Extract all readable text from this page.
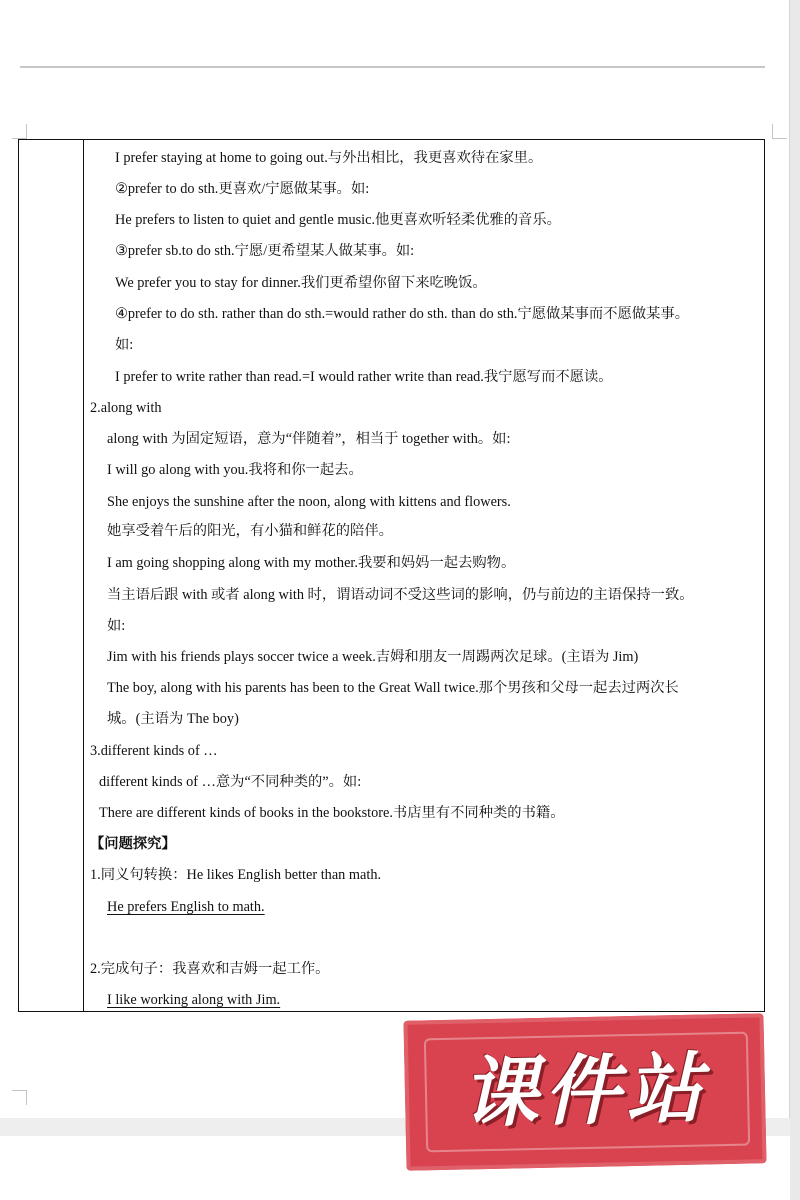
I prefer staying at home to going out.与外出相比，我更喜欢待在家里。
②prefer to do sth.更喜欢/宁愿做某事。如:
He prefers to listen to quiet and gentle music.他更喜欢听轻柔优雅的音乐。
③prefer sb.to do sth.宁愿/更希望某人做某事。如:
We prefer you to stay for dinner.我们更希望你留下来吃晚饭。
④prefer to do sth. rather than do sth.=would rather do sth. than do sth.宁愿做某事而不愿做某事。
如:
I prefer to write rather than read.=I would rather write than read.我宁愿写而不愿读。
2.along with
along with 为固定短语，意为“伴随着”，相当于 together with。如:
I will go along with you.我将和你一起去。
She enjoys the sunshine after the noon, along with kittens and flowers.
她享受着午后的阳光，有小猫和鲜花的陪伴。
I am going shopping along with my mother.我要和妈妈一起去购物。
当主语后跟 with 或者 along with 时，谓语动词不受这些词的影响，仍与前边的主语保持一致。
如:
Jim with his friends plays soccer twice a week.吉姆和朋友一周踢两次足球。(主语为 Jim)
The boy, along with his parents has been to the Great Wall twice.那个男孩和父母一起去过两次长
城。(主语为 The boy)
3.different kinds of …
different kinds of …意为“不同种类的”。如:
There are different kinds of books in the bookstore.书店里有不同种类的书籍。
【问题探究】
1.同义句转换：He likes English better than math.
He prefers English to math.
2.完成句子：我喜欢和吉姆一起工作。
I like working along with Jim.
课件站
